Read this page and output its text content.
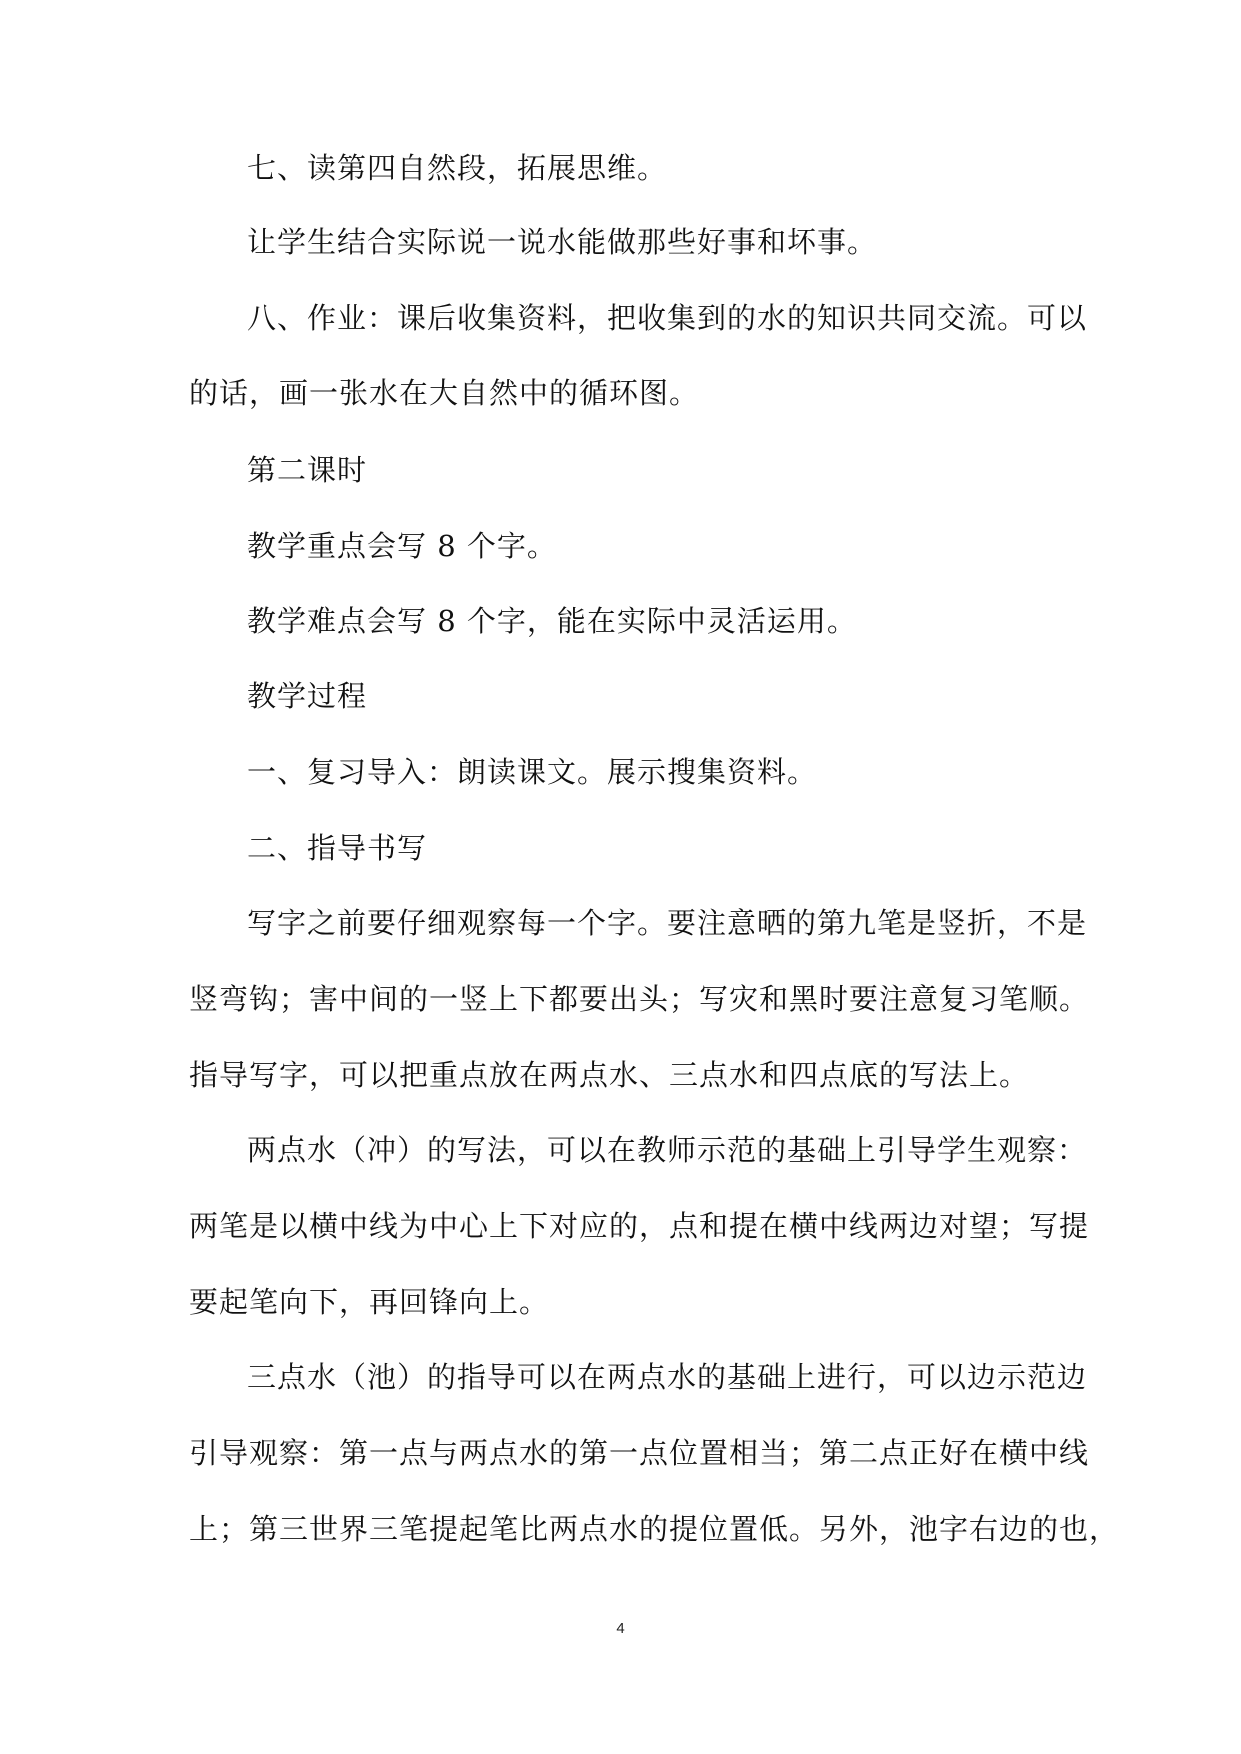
七、读第四自然段，拓展思维。
让学生结合实际说一说水能做那些好事和坏事。
八、作业：课后收集资料，把收集到的水的知识共同交流。可以
的话，画一张水在大自然中的循环图。
第二课时
教学重点会写 8 个字。
教学难点会写 8 个字，能在实际中灵活运用。
教学过程
一、复习导入：朗读课文。展示搜集资料。
二、指导书写
写字之前要仔细观察每一个字。要注意晒的第九笔是竖折，不是
竖弯钩；害中间的一竖上下都要出头；写灾和黑时要注意复习笔顺。
指导写字，可以把重点放在两点水、三点水和四点底的写法上。
两点水（冲）的写法，可以在教师示范的基础上引导学生观察：
两笔是以横中线为中心上下对应的，点和提在横中线两边对望；写提
要起笔向下，再回锋向上。
三点水（池）的指导可以在两点水的基础上进行，可以边示范边
引导观察：第一点与两点水的第一点位置相当；第二点正好在横中线
上；第三世界三笔提起笔比两点水的提位置低。另外，池字右边的也，
4
